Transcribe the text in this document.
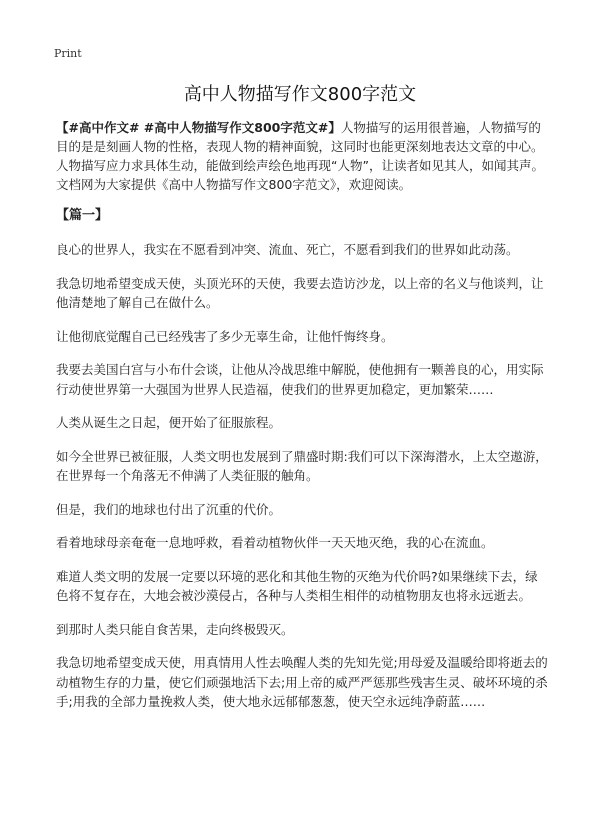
Print
高中人物描写作文800字范文

【#高中作文# #高中人物描写作文800字范文#】人物描写的运用很普遍，人物描写的目的是是刻画人物的性格，表现人物的精神面貌，这同时也能更深刻地表达文章的中心。人物描写应力求具体生动，能做到绘声绘色地再现“人物”，让读者如见其人，如闻其声。文档网为大家提供《高中人物描写作文800字范文》，欢迎阅读。

【篇一】

良心的世界人，我实在不愿看到冲突、流血、死亡，不愿看到我们的世界如此动荡。

我急切地希望变成天使，头顶光环的天使，我要去造访沙龙，以上帝的名义与他谈判，让他清楚地了解自己在做什么。

让他彻底觉醒自己已经残害了多少无辜生命，让他忏悔终身。

我要去美国白宫与小布什会谈，让他从冷战思维中解脱，使他拥有一颗善良的心，用实际行动使世界第一大强国为世界人民造福，使我们的世界更加稳定，更加繁荣……

人类从诞生之日起，便开始了征服旅程。

如今全世界已被征服，人类文明也发展到了鼎盛时期:我们可以下深海潜水，上太空遨游，在世界每一个角落无不伸满了人类征服的触角。

但是，我们的地球也付出了沉重的代价。

看着地球母亲奄奄一息地呼救，看着动植物伙伴一天天地灭绝，我的心在流血。

难道人类文明的发展一定要以环境的恶化和其他生物的灭绝为代价吗?如果继续下去，绿色将不复存在，大地会被沙漠侵占，各种与人类相生相伴的动植物朋友也将永远逝去。

到那时人类只能自食苦果，走向终极毁灭。

我急切地希望变成天使，用真情用人性去唤醒人类的先知先觉;用母爱及温暖给即将逝去的动植物生存的力量，使它们顽强地活下去;用上帝的威严严惩那些残害生灵、破坏环境的杀手;用我的全部力量挽救人类，使大地永远郁郁葱葱，使天空永远纯净蔚蓝……
